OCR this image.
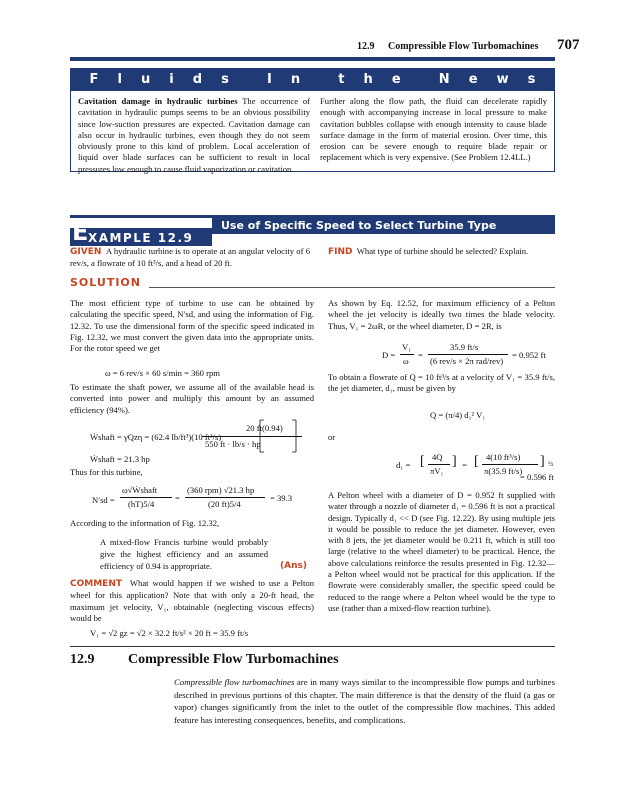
12.9 Compressible Flow Turbomachines 707
F l u i d s	I n	t h e	N e w s

Cavitation damage in hydraulic turbines The occurrence of cavitation in hydraulic pumps seems to be an obvious possibility since low-suction pressures are expected. Cavitation damage can also occur in hydraulic turbines, even though they do not seem obviously prone to this kind of problem. Local acceleration of liquid over blade surfaces can be sufficient to result in local pressures low enough to cause fluid vaporization or cavitation.

Further along the flow path, the fluid can decelerate rapidly enough with accompanying increase in local pressure to make cavitation bubbles collapse with enough intensity to cause blade surface damage in the form of material erosion. Over time, this erosion can be severe enough to require blade repair or replacement which is very expensive. (See Problem 12.4LL.)

E XAMPLE 12.9
Use of Specific Speed to Select Turbine Type

GIVEN A hydraulic turbine is to operate at an angular velocity of 6 rev/s, a flowrate of 10 ft³/s, and a head of 20 ft.

FIND What type of turbine should be selected? Explain.

SOLUTION
The most efficient type of turbine to use can be obtained by calculating the specific speed, N′sd, and using the information of Fig. 12.32. To use the dimensional form of the specific speed indicated in Fig. 12.32, we must convert the given data into the appropriate units. For the rotor speed we get
ω = 6 rev/s × 60 s/min = 360 rpm
To estimate the shaft power, we assume all of the available head is converted into power and multiply this amount by an assumed efficiency (94%).
Ẇshaft = γQzη = (62.4 lb/ft³)(10 ft³/s)
20 ft(0.94)
550 ft · lb/s · hp
Ẇshaft = 21.3 hp
Thus for this turbine,
N′sd =
ω√Ẇshaft
(hT)5/4
=
(360 rpm) √21.3 hp
(20 ft)5/4
= 39.3
According to the information of Fig. 12.32,
A mixed-flow Francis turbine would probably give the highest efficiency and an assumed efficiency of 0.94 is appropriate.	(Ans)

COMMENT What would happen if we wished to use a Pelton wheel for this application? Note that with only a 20-ft head, the maximum jet velocity, V₁, obtainable (neglecting viscous effects) would be

V₁ = √2 gz = √2 × 32.2 ft/s² × 20 ft = 35.9 ft/s
As shown by Eq. 12.52, for maximum efficiency of a Pelton wheel the jet velocity is ideally two times the blade velocity. Thus, V₁ = 2ωR, or the wheel diameter, D = 2R, is
D =
V₁
ω
=
35.9 ft/s
(6 rev/s × 2π rad/rev)
= 0.952 ft
To obtain a flowrate of Q = 10 ft³/s at a velocity of V₁ = 35.9 ft/s, the jet diameter, d₁, must be given by
Q = (π/4) d₁² V₁
or
d₁ = [ 4Q
πV₁
] = [ 4(10 ft³/s)
π(35.9 ft/s)
] ½
= 0.596 ft
A Pelton wheel with a diameter of D = 0.952 ft supplied with water through a nozzle of diameter d₁ = 0.596 ft is not a practical design. Typically d₁ << D (see Fig. 12.22). By using multiple jets it would be possible to reduce the jet diameter. However, even with 8 jets, the jet diameter would be 0.211 ft, which is still too large (relative to the wheel diameter) to be practical. Hence, the above calculations reinforce the results presented in Fig. 12.32—a Pelton wheel would not be practical for this application. If the flowrate were considerably smaller, the specific speed could be reduced to the range where a Pelton wheel would be the type to use (rather than a mixed-flow reaction turbine).
12.9 Compressible Flow Turbomachines
Compressible flow turbomachines are in many ways similar to the incompressible flow pumps and turbines described in previous portions of this chapter. The main difference is that the density of the fluid (a gas or vapor) changes significantly from the inlet to the outlet of the compressible flow machines. This added feature has interesting consequences, benefits, and complications.
